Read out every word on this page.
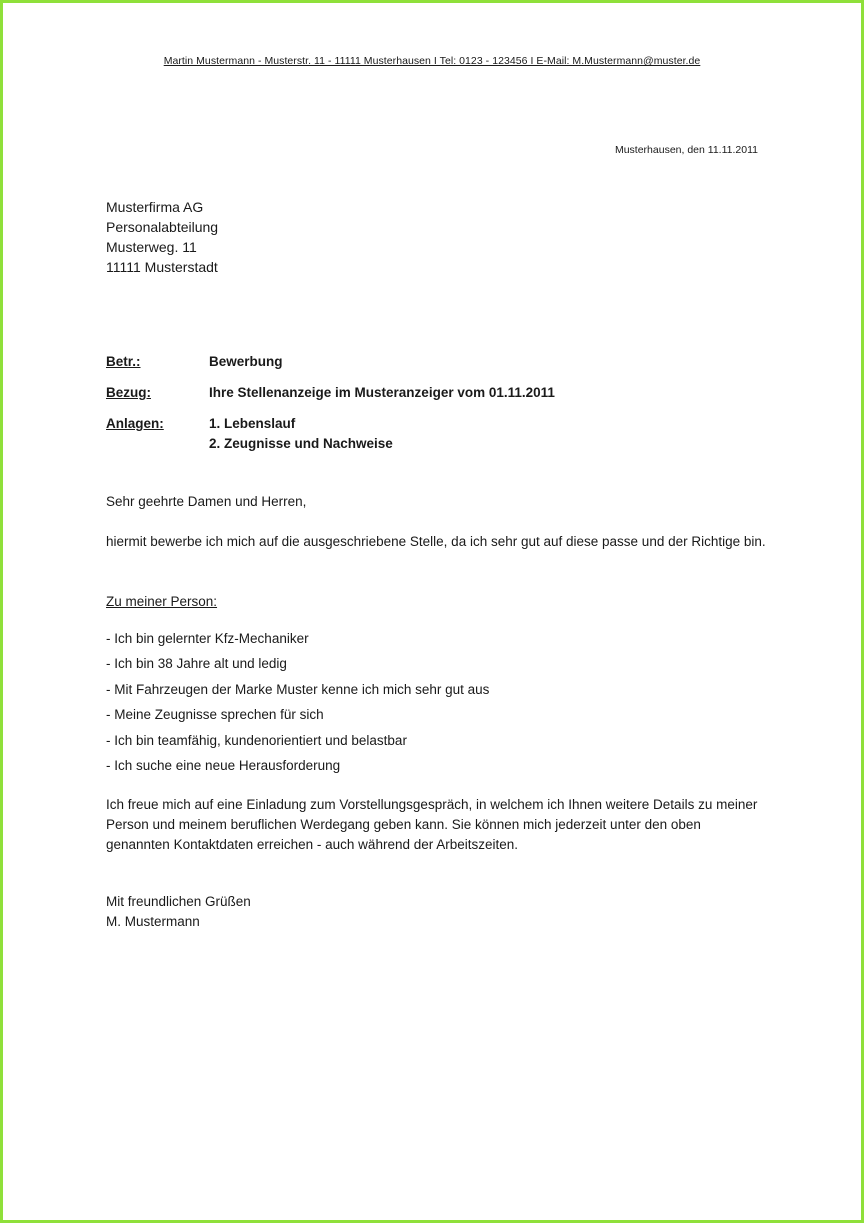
Martin Mustermann - Musterstr. 11 - 11111 Musterhausen I Tel: 0123 - 123456 I E-Mail: M.Mustermann@muster.de
Musterhausen, den 11.11.2011
Musterfirma AG
Personalabteilung
Musterweg. 11
11111 Musterstadt
Betr.:	Bewerbung
Bezug:	Ihre Stellenanzeige im Musteranzeiger vom 01.11.2011
Anlagen:	1. Lebenslauf
2. Zeugnisse und Nachweise
Sehr geehrte Damen und Herren,
hiermit bewerbe ich mich auf die ausgeschriebene Stelle, da ich sehr gut auf diese passe und der Richtige bin.
Zu meiner Person:
- Ich bin gelernter Kfz-Mechaniker
- Ich bin 38 Jahre alt und ledig
- Mit Fahrzeugen der Marke Muster kenne ich mich sehr gut aus
- Meine Zeugnisse sprechen für sich
- Ich bin teamfähig, kundenorientiert und belastbar
- Ich suche eine neue Herausforderung
Ich freue mich auf eine Einladung zum Vorstellungsgespräch, in welchem ich Ihnen weitere Details zu meiner Person und meinem beruflichen Werdegang geben kann. Sie können mich jederzeit unter den oben genannten Kontaktdaten erreichen - auch während der Arbeitszeiten.
Mit freundlichen Grüßen
M. Mustermann
